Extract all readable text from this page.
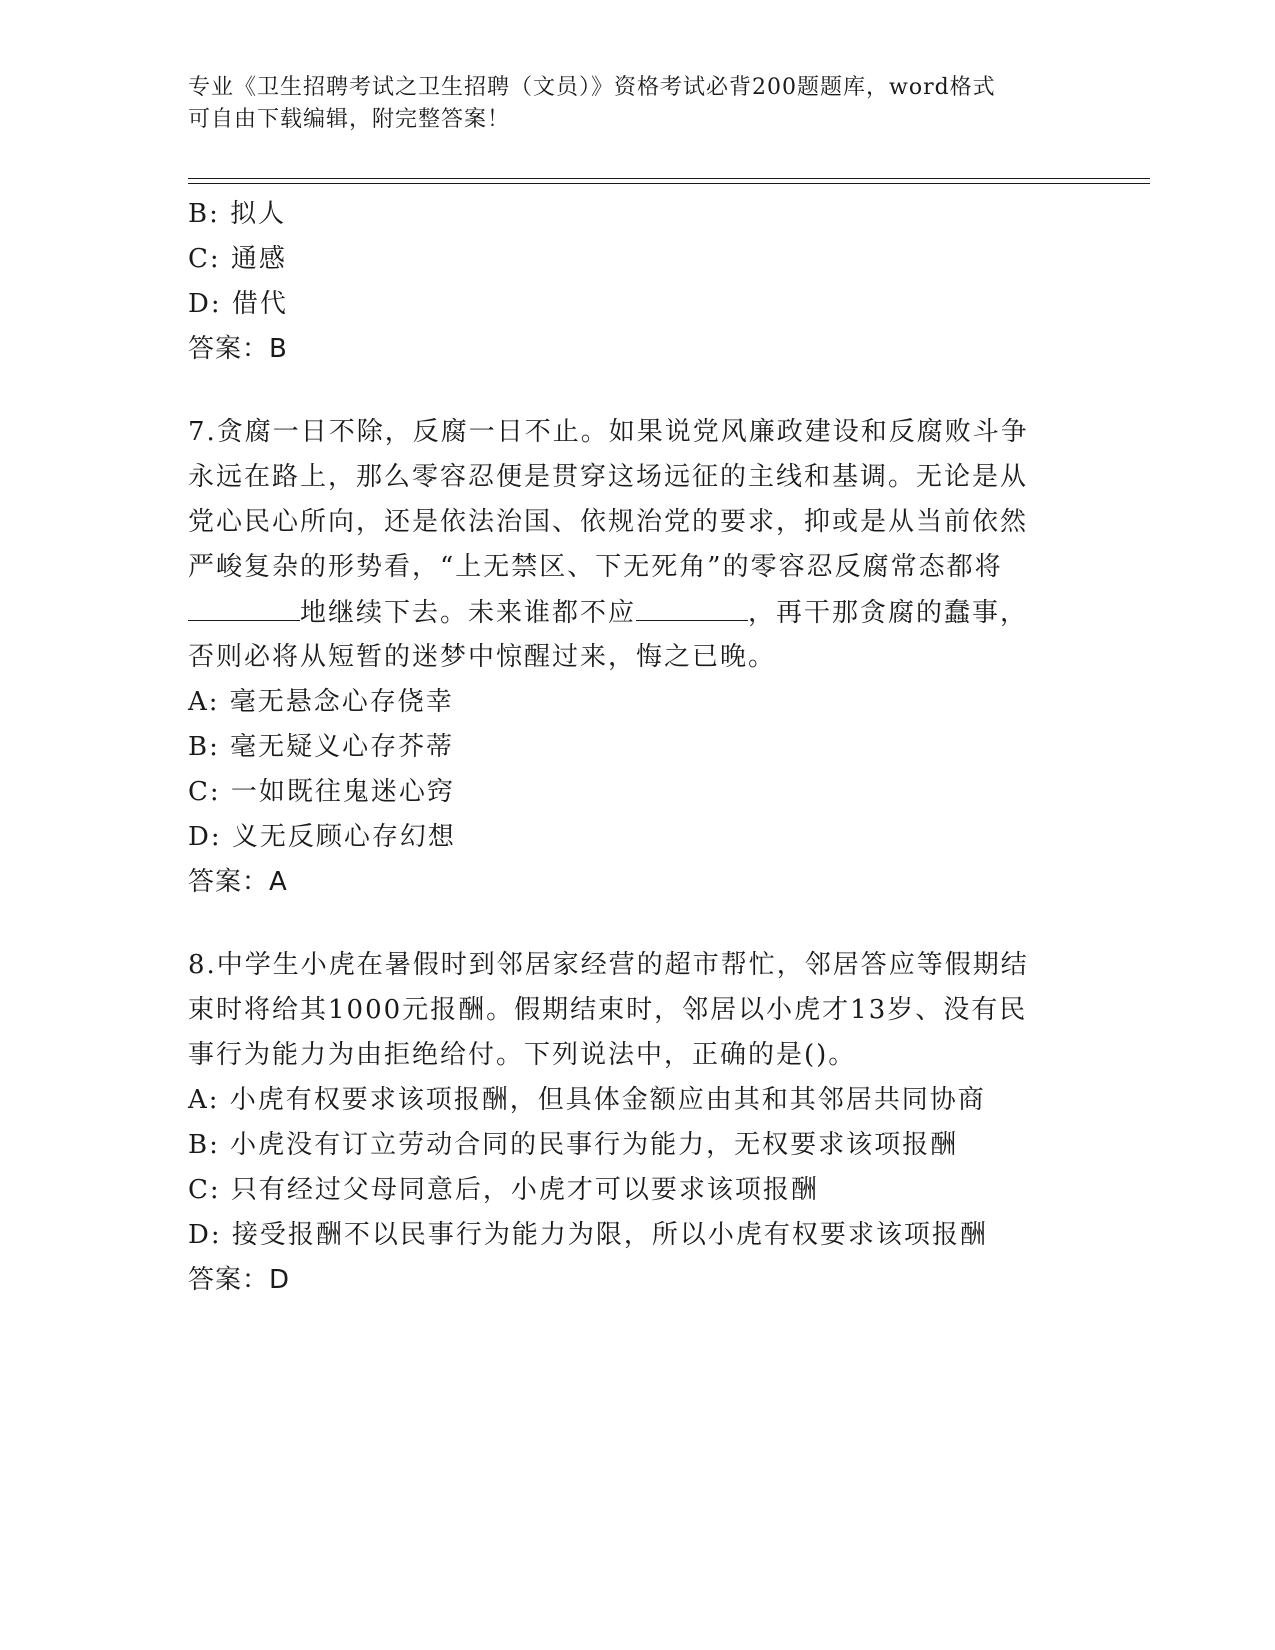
专业《卫生招聘考试之卫生招聘（文员）》资格考试必背200题题库，word格式
可自由下载编辑，附完整答案！
B: 拟人
C: 通感
D: 借代
答案：B
7.贪腐一日不除，反腐一日不止。如果说党风廉政建设和反腐败斗争
永远在路上，那么零容忍便是贯穿这场远征的主线和基调。无论是从
党心民心所向，还是依法治国、依规治党的要求，抑或是从当前依然
严峻复杂的形势看，“上无禁区、下无死角”的零容忍反腐常态都将
地继续下去。未来谁都不应	，再干那贪腐的蠢事，
否则必将从短暂的迷梦中惊醒过来，悔之已晚。
A: 毫无悬念心存侥幸
B: 毫无疑义心存芥蒂
C: 一如既往鬼迷心窍
D: 义无反顾心存幻想
答案：A
8.中学生小虎在暑假时到邻居家经营的超市帮忙，邻居答应等假期结
束时将给其1000元报酬。假期结束时，邻居以小虎才13岁、没有民
事行为能力为由拒绝给付。下列说法中，正确的是()。
A: 小虎有权要求该项报酬，但具体金额应由其和其邻居共同协商
B: 小虎没有订立劳动合同的民事行为能力，无权要求该项报酬
C: 只有经过父母同意后，小虎才可以要求该项报酬
D: 接受报酬不以民事行为能力为限，所以小虎有权要求该项报酬
答案：D
